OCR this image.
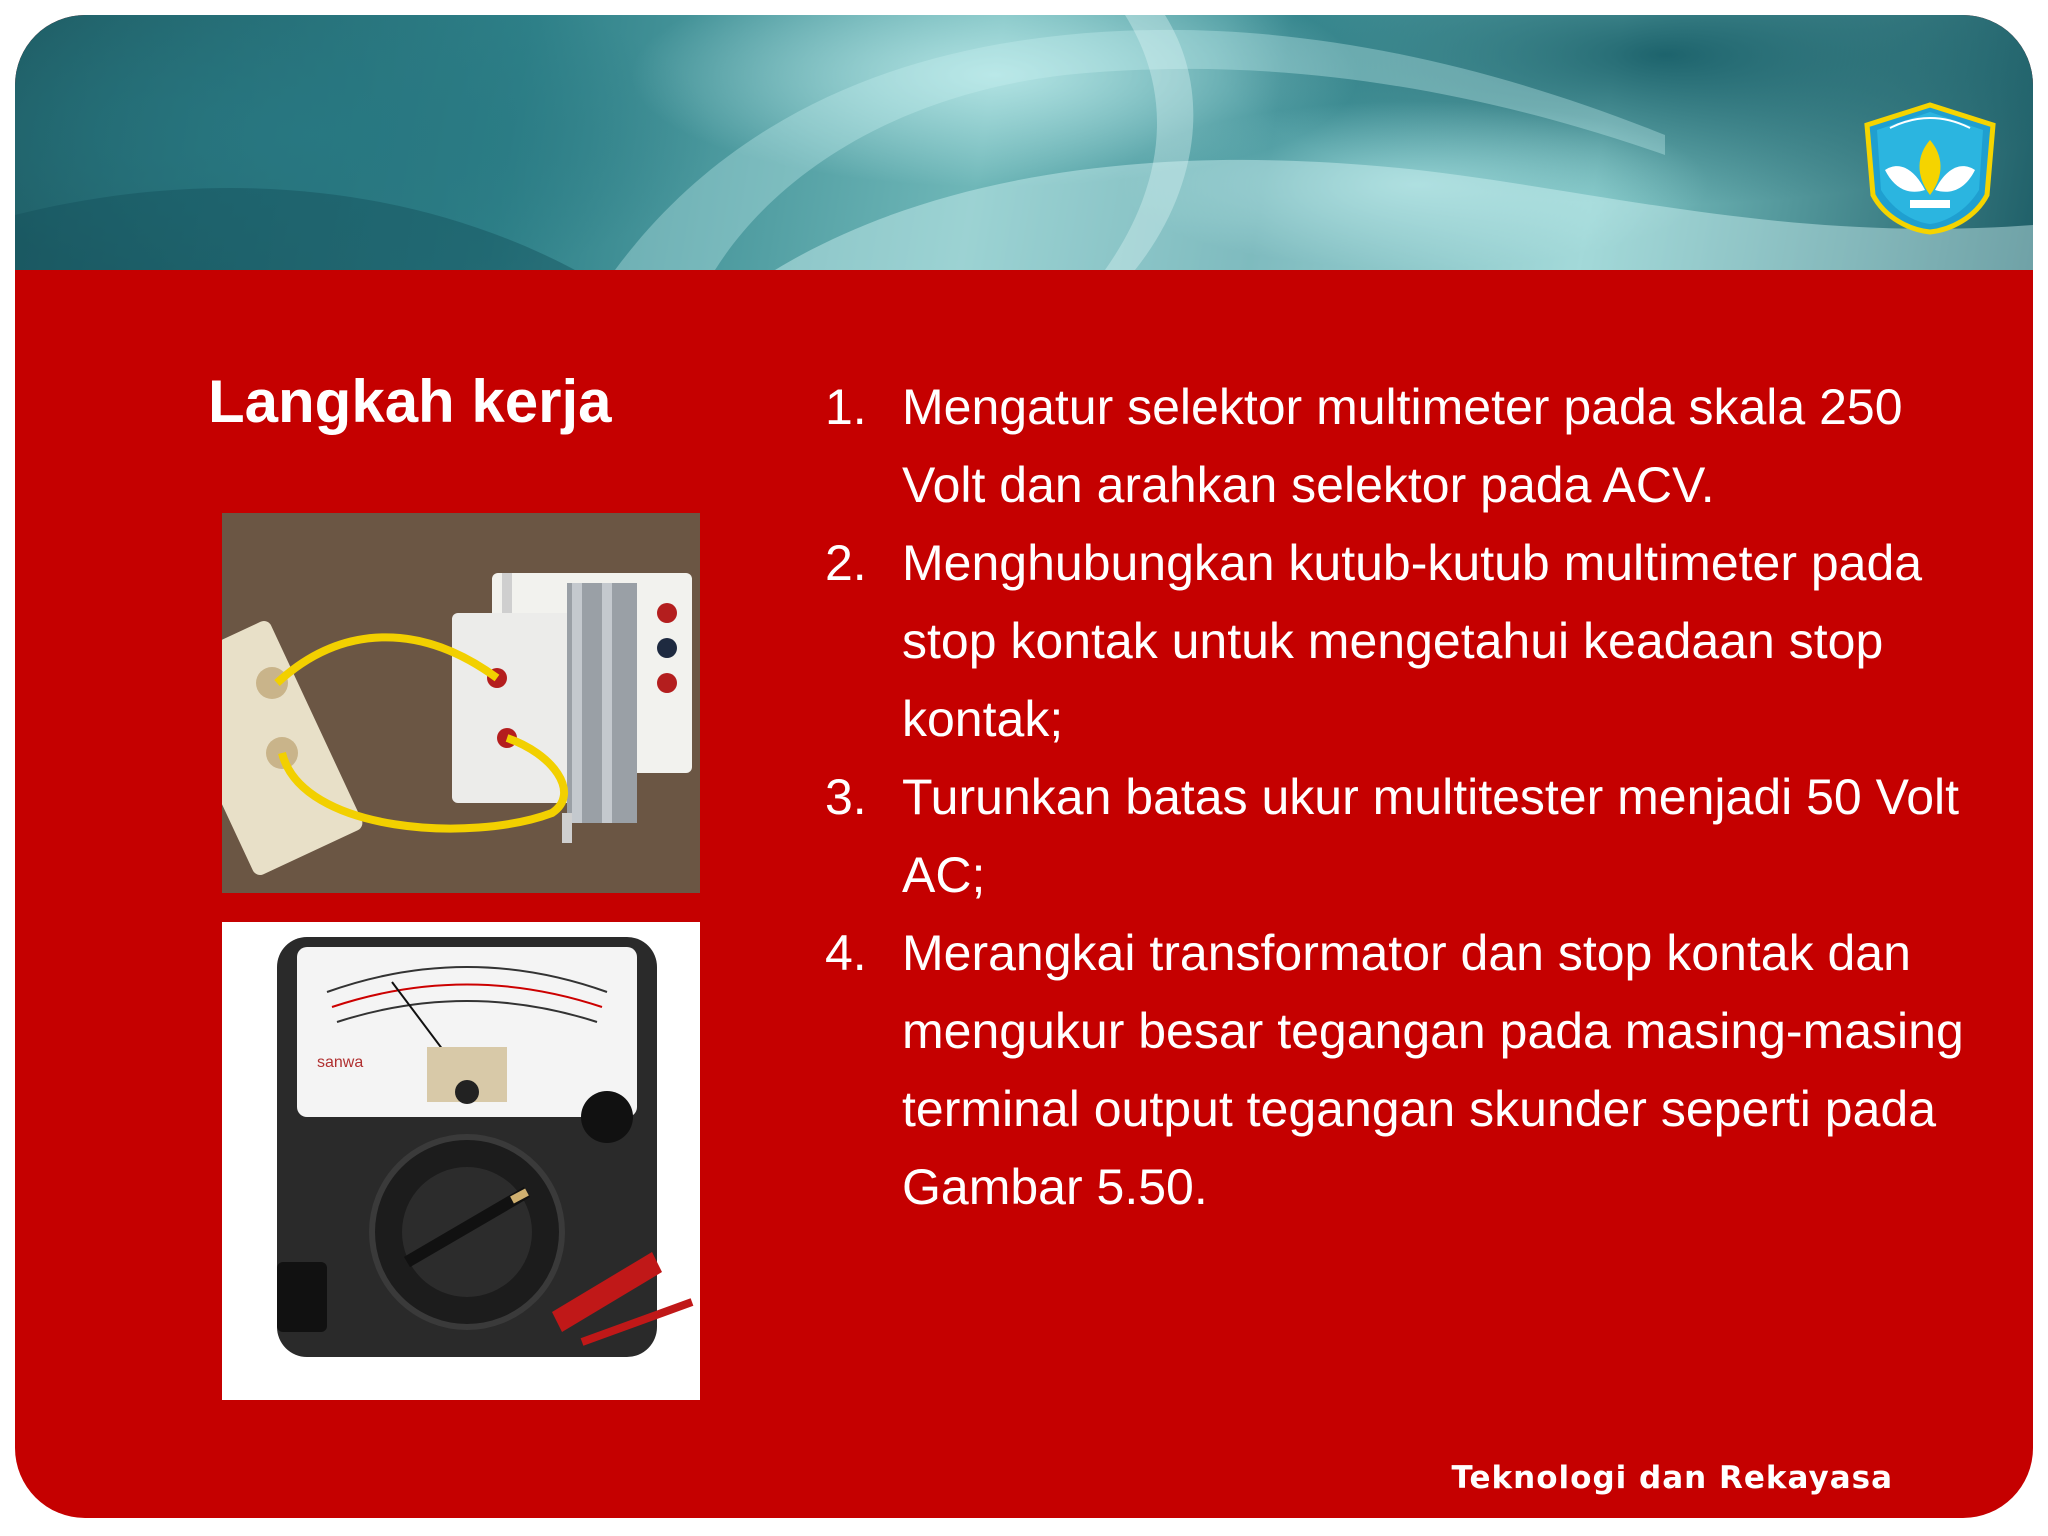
Langkah kerja
sanwa
1. Mengatur selektor multimeter pada skala 250 Volt dan arahkan selektor pada ACV.
2. Menghubungkan kutub-kutub multimeter pada stop kontak untuk mengetahui keadaan stop kontak;
3. Turunkan batas ukur multitester menjadi 50 Volt AC;
4. Merangkai transformator dan stop kontak dan mengukur besar tegangan pada masing-masing terminal output tegangan skunder seperti pada Gambar 5.50.
Teknologi dan Rekayasa
